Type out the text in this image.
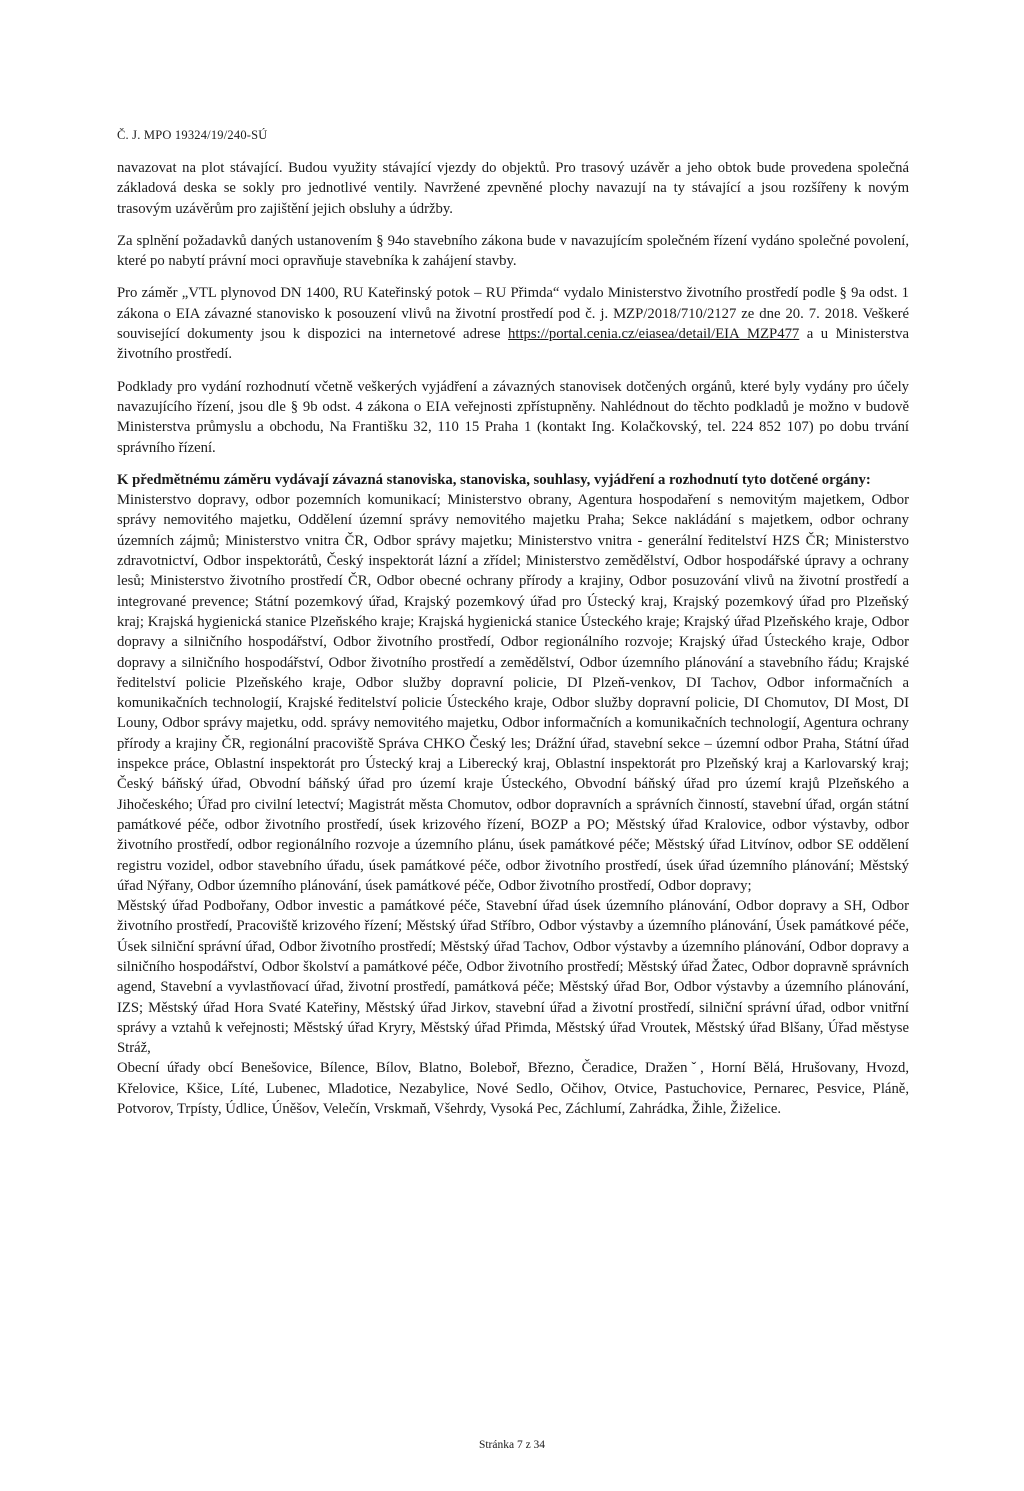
Č. J. MPO 19324/19/240-SÚ

navazovat na plot stávající. Budou využity stávající vjezdy do objektů. Pro trasový uzávěr a jeho obtok bude provedena společná základová deska se sokly pro jednotlivé ventily. Navržené zpevněné plochy navazují na ty stávající a jsou rozšířeny k novým trasovým uzávěrům pro zajištění jejich obsluhy a údržby.

Za splnění požadavků daných ustanovením § 94o stavebního zákona bude v navazujícím společném řízení vydáno společné povolení, které po nabytí právní moci opravňuje stavebníka k zahájení stavby.

Pro záměr „VTL plynovod DN 1400, RU Kateřinský potok – RU Přimda“ vydalo Ministerstvo životního prostředí podle § 9a odst. 1 zákona o EIA závazné stanovisko k posouzení vlivů na životní prostředí pod č. j. MZP/2018/710/2127 ze dne 20. 7. 2018. Veškeré související dokumenty jsou k dispozici na internetové adrese https://portal.cenia.cz/eiasea/detail/EIA_MZP477 a u Ministerstva životního prostředí.

Podklady pro vydání rozhodnutí včetně veškerých vyjádření a závazných stanovisek dotčených orgánů, které byly vydány pro účely navazujícího řízení, jsou dle § 9b odst. 4 zákona o EIA veřejnosti zpřístupněny. Nahlédnout do těchto podkladů je možno v budově Ministerstva průmyslu a obchodu, Na Františku 32, 110 15 Praha 1 (kontakt Ing. Kolačkovský, tel. 224 852 107) po dobu trvání správního řízení.

K předmětnému záměru vydávají závazná stanoviska, stanoviska, souhlasy, vyjádření a rozhodnutí tyto dotčené orgány:

Ministerstvo dopravy, odbor pozemních komunikací; Ministerstvo obrany, Agentura hospodaření s nemovitým majetkem, Odbor správy nemovitého majetku, Oddělení územní správy nemovitého majetku Praha; Sekce nakládání s majetkem, odbor ochrany územních zájmů; Ministerstvo vnitra ČR, Odbor správy majetku; Ministerstvo vnitra - generální ředitelství HZS ČR; Ministerstvo zdravotnictví, Odbor inspektorátů, Český inspektorát lázní a zřídel; Ministerstvo zemědělství, Odbor hospodářské úpravy a ochrany lesů; Ministerstvo životního prostředí ČR, Odbor obecné ochrany přírody a krajiny, Odbor posuzování vlivů na životní prostředí a integrované prevence; Státní pozemkový úřad, Krajský pozemkový úřad pro Ústecký kraj, Krajský pozemkový úřad pro Plzeňský kraj; Krajská hygienická stanice Plzeňského kraje; Krajská hygienická stanice Ústeckého kraje; Krajský úřad Plzeňského kraje, Odbor dopravy a silničního hospodářství, Odbor životního prostředí, Odbor regionálního rozvoje; Krajský úřad Ústeckého kraje, Odbor dopravy a silničního hospodářství, Odbor životního prostředí a zemědělství, Odbor územního plánování a stavebního řádu; Krajské ředitelství policie Plzeňského kraje, Odbor služby dopravní policie, DI Plzeň-venkov, DI Tachov, Odbor informačních a komunikačních technologií, Krajské ředitelství policie Ústeckého kraje, Odbor služby dopravní policie, DI Chomutov, DI Most, DI Louny, Odbor správy majetku, odd. správy nemovitého majetku, Odbor informačních a komunikačních technologií, Agentura ochrany přírody a krajiny ČR, regionální pracoviště Správa CHKO Český les; Drážní úřad, stavební sekce – územní odbor Praha, Státní úřad inspekce práce, Oblastní inspektorát pro Ústecký kraj a Liberecký kraj, Oblastní inspektorát pro Plzeňský kraj a Karlovarský kraj; Český báňský úřad, Obvodní báňský úřad pro území kraje Ústeckého, Obvodní báňský úřad pro území krajů Plzeňského a Jihočeského; Úřad pro civilní letectví; Magistrát města Chomutov, odbor dopravních a správních činností, stavební úřad, orgán státní památkové péče, odbor životního prostředí, úsek krizového řízení, BOZP a PO; Městský úřad Kralovice, odbor výstavby, odbor životního prostředí, odbor regionálního rozvoje a územního plánu, úsek památkové péče; Městský úřad Litvínov, odbor SE oddělení registru vozidel, odbor stavebního úřadu, úsek památkové péče, odbor životního prostředí, úsek úřad územního plánování; Městský úřad Nýřany, Odbor územního plánování, úsek památkové péče, Odbor životního prostředí, Odbor dopravy;

Městský úřad Podbořany, Odbor investic a památkové péče, Stavební úřad úsek územního plánování, Odbor dopravy a SH, Odbor životního prostředí, Pracoviště krizového řízení; Městský úřad Stříbro, Odbor výstavby a územního plánování, Úsek památkové péče, Úsek silniční správní úřad, Odbor životního prostředí; Městský úřad Tachov, Odbor výstavby a územního plánování, Odbor dopravy a silničního hospodářství, Odbor školství a památkové péče, Odbor životního prostředí; Městský úřad Žatec, Odbor dopravně správních agend, Stavební a vyvlastňovací úřad, životní prostředí, památková péče; Městský úřad Bor, Odbor výstavby a územního plánování, IZS; Městský úřad Hora Svaté Kateřiny, Městský úřad Jirkov, stavební úřad a životní prostředí, silniční správní úřad, odbor vnitřní správy a vztahů k veřejnosti; Městský úřad Kryry, Městský úřad Přimda, Městský úřad Vroutek, Městský úřad Blšany, Úřad městyse Stráž,

Obecní úřady obcí Benešovice, Bílence, Bílov, Blatno, Boleboř, Březno, Čeradice, Draženˇ, Horní Bělá, Hrušovany, Hvozd, Křelovice, Kšice, Líté, Lubenec, Mladotice, Nezabylice, Nové Sedlo, Očihov, Otvice, Pastuchovice, Pernarec, Pesvice, Pláně, Potvorov, Trpísty, Údlice, Úněšov, Velečín, Vrskmaň, Všehrdy, Vysoká Pec, Záchlumí, Zahrádka, Žihle, Žiželice.

Stránka 7 z 34
